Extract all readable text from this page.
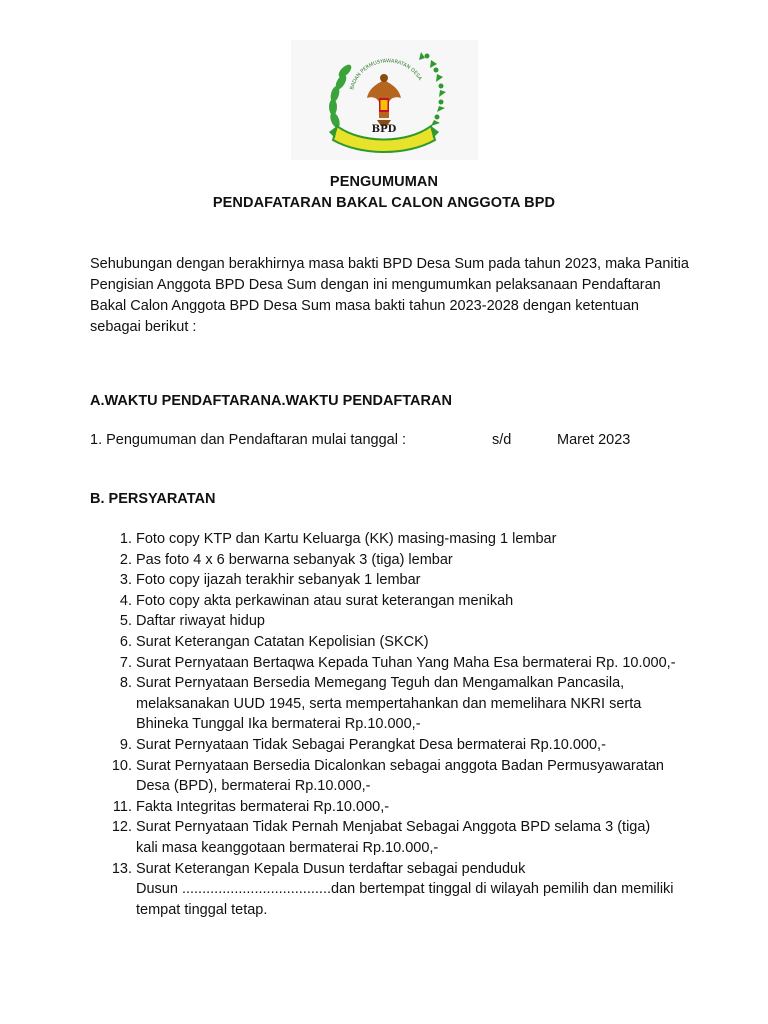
BADAN PERMUSYAWARATAN DESA
BPD
PENGUMUMAN
PENDAFATARAN BAKAL CALON ANGGOTA BPD
Sehubungan dengan berakhirnya masa bakti BPD Desa Sum pada tahun 2023, maka Panitia Pengisian Anggota BPD Desa Sum dengan ini mengumumkan pelaksanaan Pendaftaran Bakal Calon Anggota BPD Desa Sum masa bakti tahun 2023-2028 dengan ketentuan sebagai berikut :
A.WAKTU PENDAFTARANA.WAKTU PENDAFTARAN
1. Pengumuman dan Pendaftaran mulai tanggal :	s/d	Maret 2023
B. PERSYARATAN
1. Foto copy KTP dan Kartu Keluarga (KK) masing-masing 1 lembar
2. Pas foto 4 x 6 berwarna sebanyak 3 (tiga) lembar
3. Foto copy ijazah terakhir sebanyak 1 lembar
4. Foto copy akta perkawinan atau surat keterangan menikah
5. Daftar riwayat hidup
6. Surat Keterangan Catatan Kepolisian (SKCK)
7. Surat Pernyataan Bertaqwa Kepada Tuhan Yang Maha Esa bermaterai Rp. 10.000,-
8. Surat Pernyataan Bersedia Memegang Teguh dan Mengamalkan Pancasila,
melaksanakan UUD 1945, serta mempertahankan dan memelihara NKRI serta
Bhineka Tunggal Ika bermaterai Rp.10.000,-
9. Surat Pernyataan Tidak Sebagai Perangkat Desa bermaterai Rp.10.000,-
10. Surat Pernyataan Bersedia Dicalonkan sebagai anggota Badan Permusyawaratan
Desa (BPD), bermaterai Rp.10.000,-
11. Fakta Integritas bermaterai Rp.10.000,-
12. Surat Pernyataan Tidak Pernah Menjabat Sebagai Anggota BPD selama 3 (tiga)
kali masa keanggotaan bermaterai Rp.10.000,-
13. Surat Keterangan Kepala Dusun terdaftar sebagai penduduk
Dusun .....................................dan bertempat tinggal di wilayah pemilih dan memiliki
tempat tinggal tetap.
